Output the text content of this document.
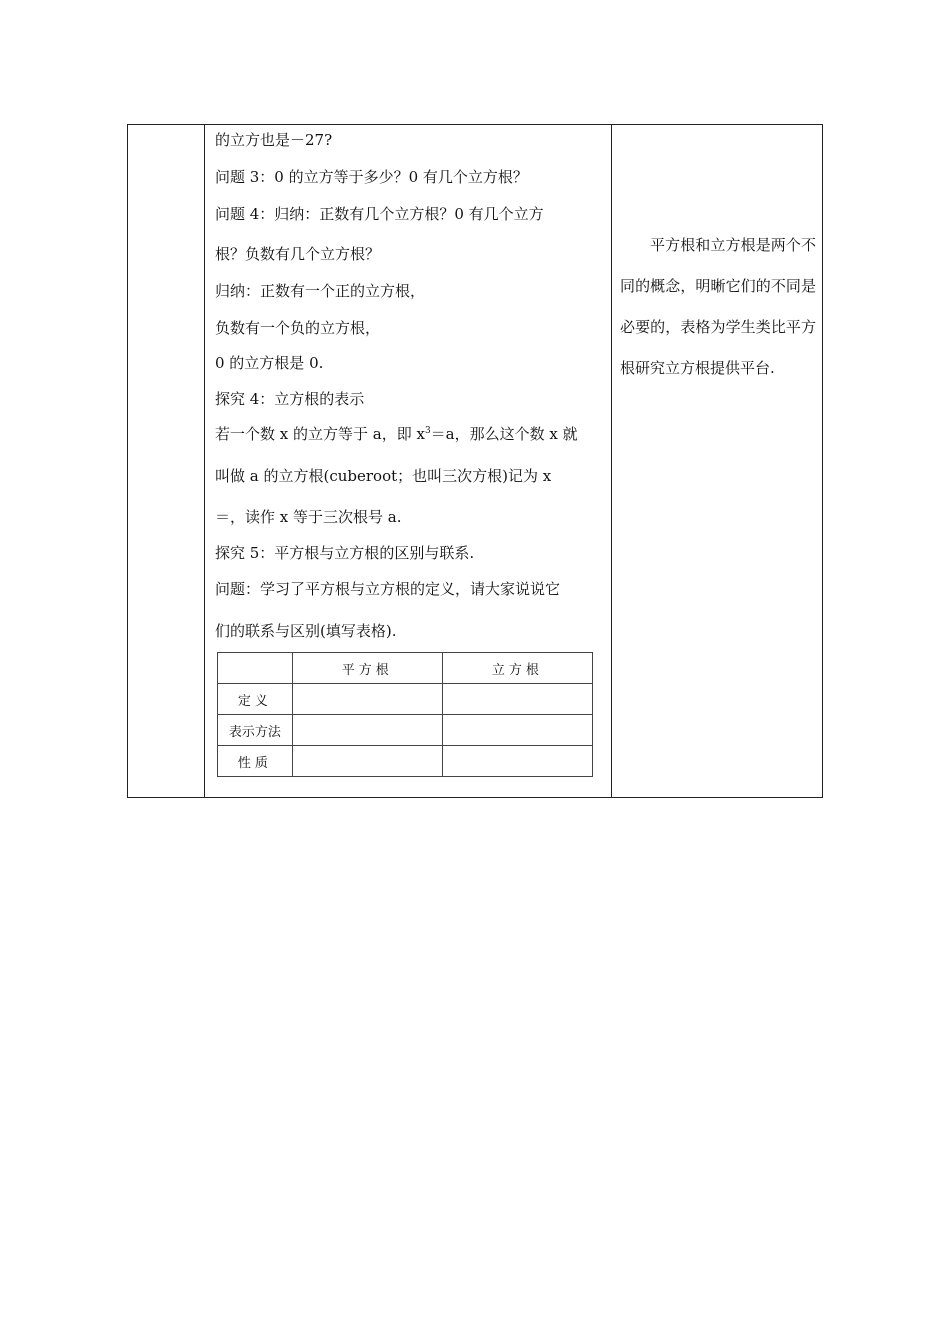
的立方也是－27?
问题 3：0 的立方等于多少？0 有几个立方根？
问题 4：归纳：正数有几个立方根？0 有几个立方
根？负数有几个立方根？
归纳：正数有一个正的立方根，
负数有一个负的立方根，
0 的立方根是 0.
探究 4：立方根的表示
若一个数 x 的立方等于 a，即 $x^3=a$，那么这个数 x 就
叫做 a 的立方根(cuberoot；也叫三次方根)记为 x
＝，读作 x 等于三次根号 a.
探究 5：平方根与立方根的区别与联系.
问题：学习了平方根与立方根的定义，请大家说说它
们的联系与区别(填写表格).
	平方根	立方根
定义		
表示方法		
性质		

平方根和立方根是两个不同的概念，明晰它们的不同是必要的，表格为学生类比平方根研究立方根提供平台.
